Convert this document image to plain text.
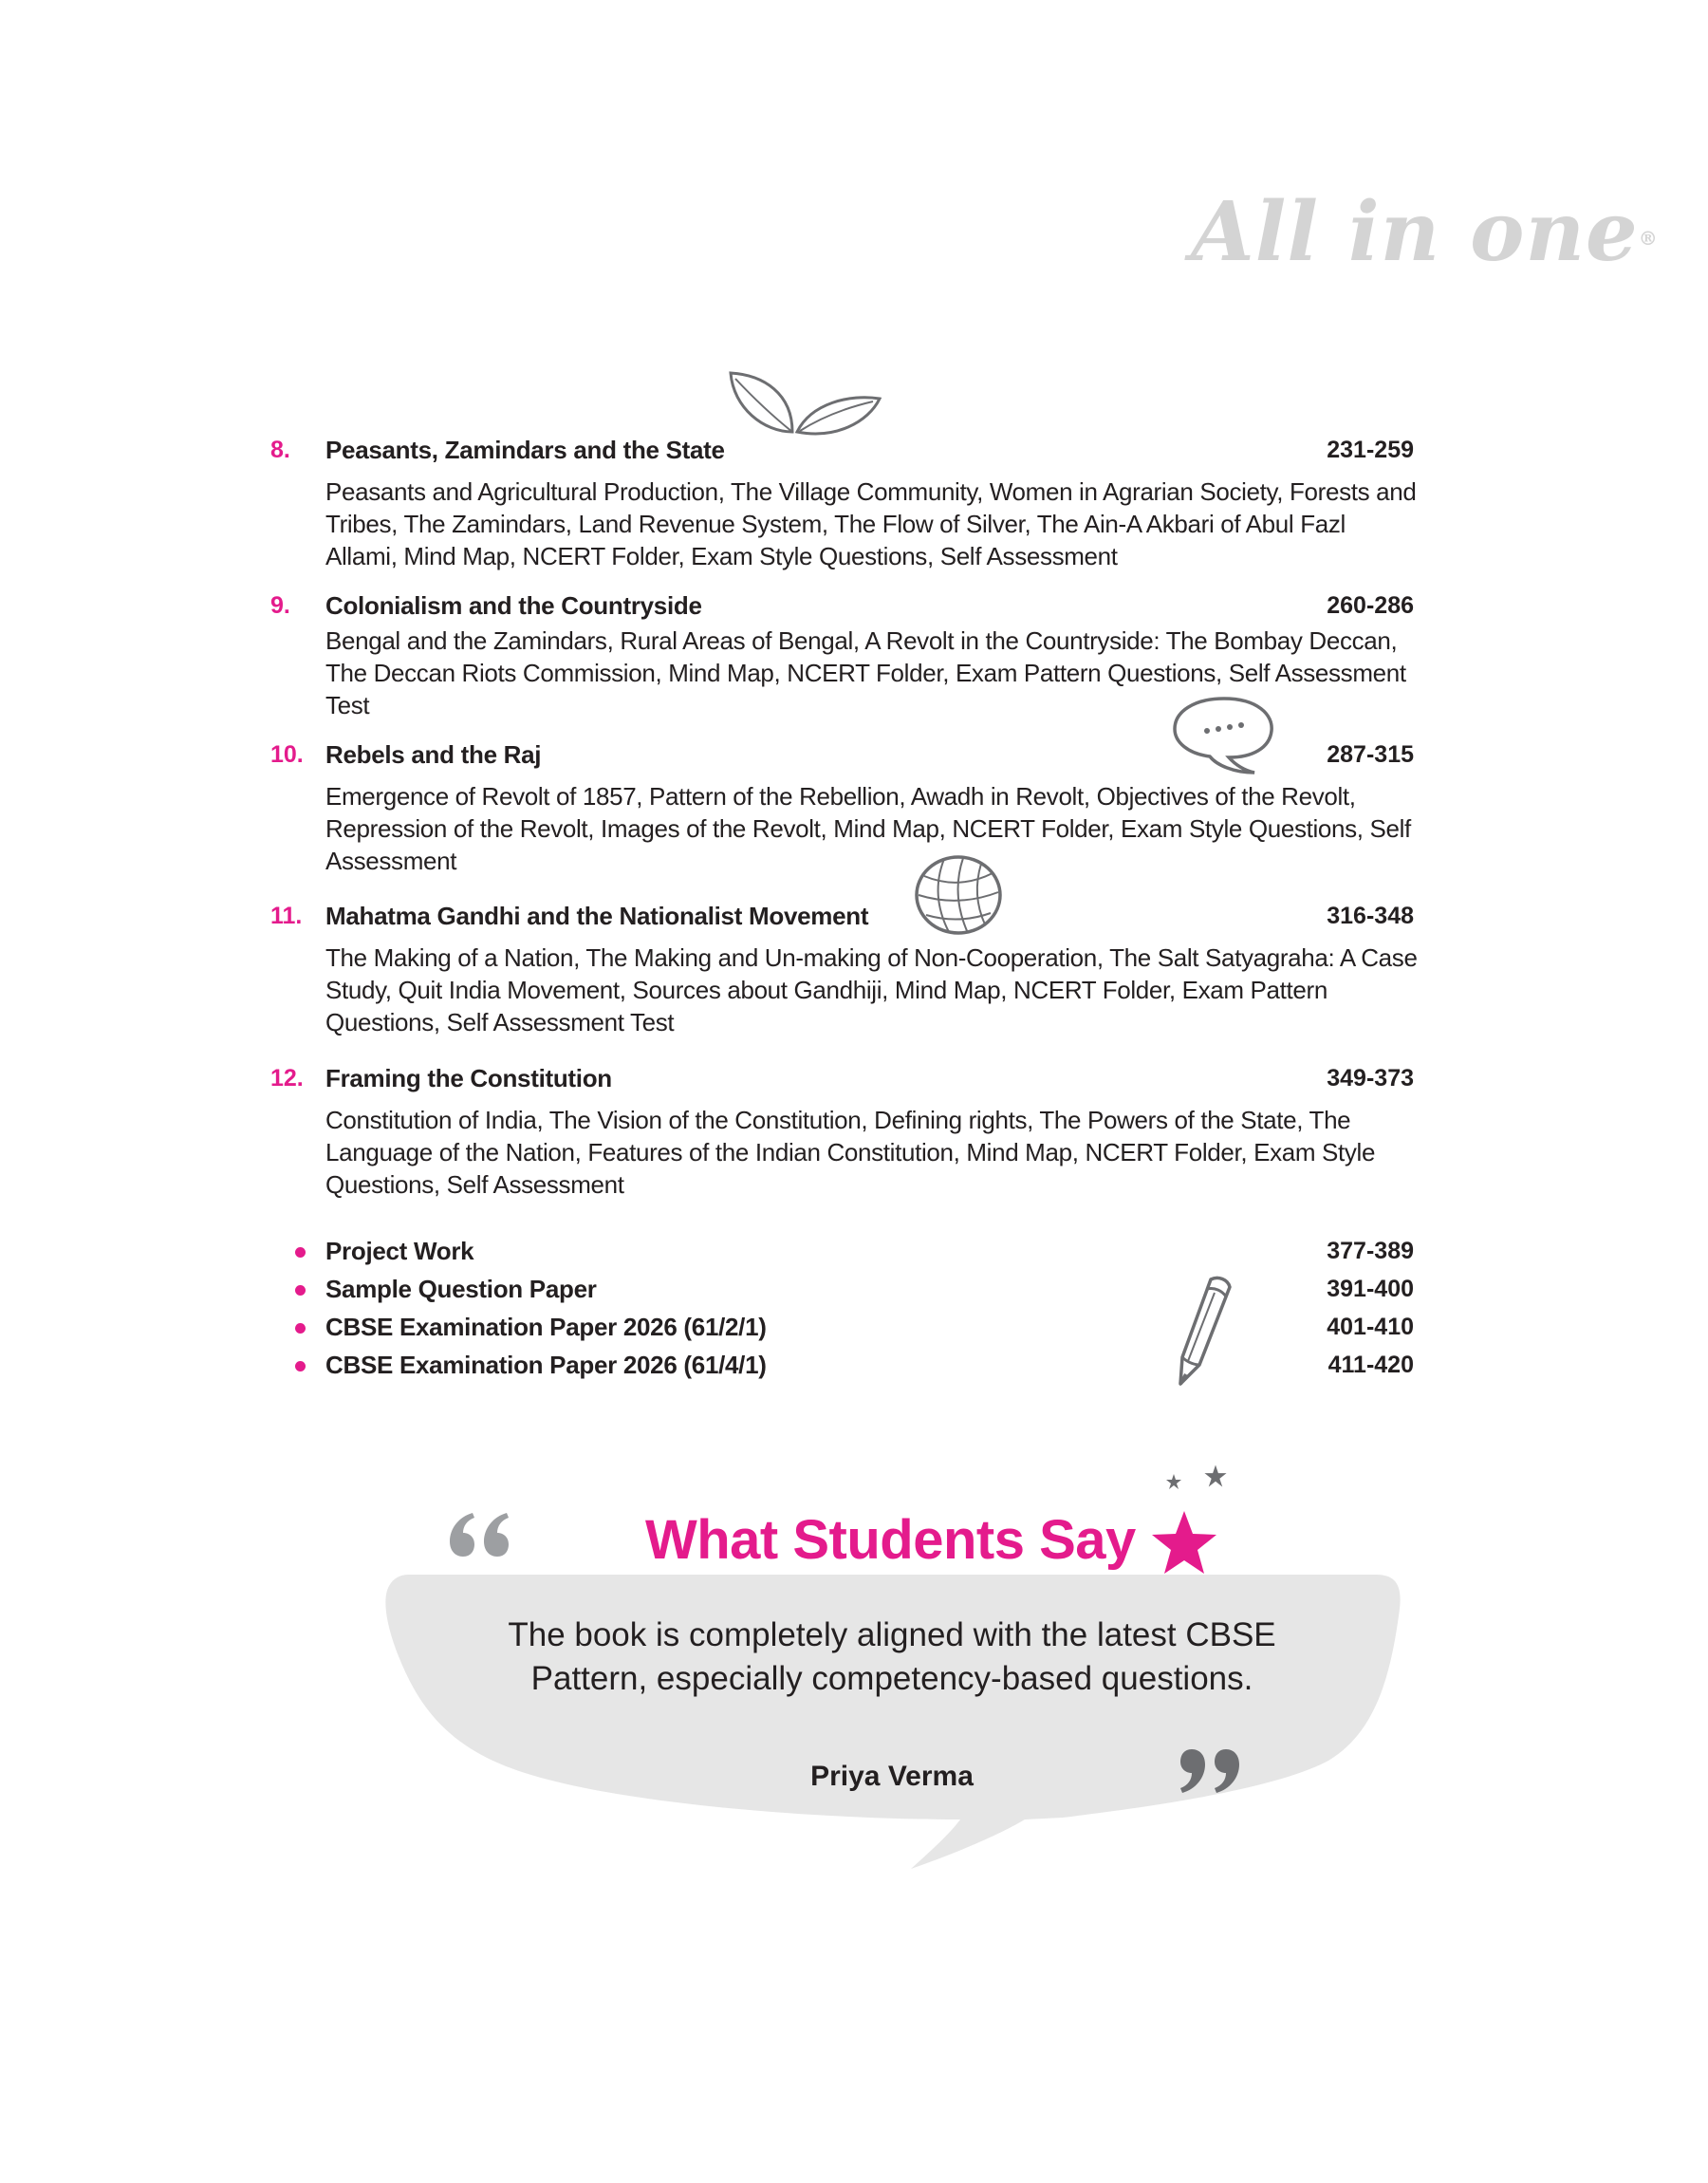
All in one®
8. Peasants, Zamindars and the State	231-259
Peasants and Agricultural Production, The Village Community, Women in Agrarian Society, Forests and Tribes, The Zamindars, Land Revenue System, The Flow of Silver, The Ain-A Akbari of Abul Fazl Allami, Mind Map, NCERT Folder, Exam Style Questions, Self Assessment
9. Colonialism and the Countryside	260-286
Bengal and the Zamindars, Rural Areas of Bengal, A Revolt in the Countryside: The Bombay Deccan, The Deccan Riots Commission, Mind Map, NCERT Folder, Exam Pattern Questions, Self Assessment Test
10. Rebels and the Raj	287-315
Emergence of Revolt of 1857, Pattern of the Rebellion, Awadh in Revolt, Objectives of the Revolt, Repression of the Revolt, Images of the Revolt, Mind Map, NCERT Folder, Exam Style Questions, Self Assessment
11. Mahatma Gandhi and the Nationalist Movement	316-348
The Making of a Nation, The Making and Un-making of Non-Cooperation, The Salt Satyagraha: A Case Study, Quit India Movement, Sources about Gandhiji, Mind Map, NCERT Folder, Exam Pattern Questions, Self Assessment Test
12. Framing the Constitution	349-373
Constitution of India, The Vision of the Constitution, Defining rights, The Powers of the State, The Language of the Nation, Features of the Indian Constitution, Mind Map, NCERT Folder, Exam Style Questions, Self Assessment
Project Work	377-389
Sample Question Paper	391-400
CBSE Examination Paper 2026 (61/2/1)	401-410
CBSE Examination Paper 2026 (61/4/1)	411-420
What Students Say
The book is completely aligned with the latest CBSE Pattern, especially competency-based questions.
Priya Verma
